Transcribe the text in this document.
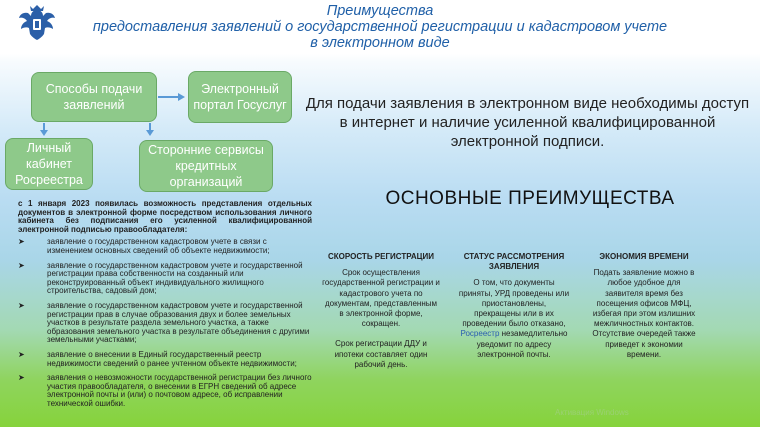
Преимущества
предоставления заявлений о государственной регистрации и кадастровом учете
в электронном виде
Способы подачи заявлений
Электронный портал Госуслуг
Личный кабинет Росреестра
Сторонние сервисы кредитных организаций
Для подачи заявления в электронном виде необходимы доступ в интернет и наличие усиленной квалифицированной электронной подписи.
ОСНОВНЫЕ ПРЕИМУЩЕСТВА
с 1 января 2023 появилась возможность представления отдельных документов в электронной форме посредством использования личного кабинета без подписания его усиленной квалифицированной электронной подписью правообладателя:
➤	заявление о государственном кадастровом учете в связи с изменением основных сведений об объекте недвижимости;
➤	заявление о государственном кадастровом учете и государственной регистрации права собственности на созданный или реконструированный объект индивидуального жилищного строительства, садовый дом;
➤	заявление о государственном кадастровом учете и государственной регистрации прав в случае образования двух и более земельных участков в результате раздела земельного участка, а также образования земельного участка в результате объединения с другими земельными участками;
➤	заявление о внесении в Единый государственный реестр недвижимости сведений о ранее учтенном объекте недвижимости;
➤	заявления о невозможности государственной регистрации без личного участия правообладателя, о внесении в ЕГРН сведений об адресе электронной почты и (или) о почтовом адресе, об исправлении технической ошибки.
СКОРОСТЬ РЕГИСТРАЦИИ

Срок осуществления государственной регистрации и кадастрового учета по документам, представленным в электронной форме, сокращен.

Срок регистрации ДДУ и ипотеки составляет один рабочий день.

СТАТУС РАССМОТРЕНИЯ ЗАЯВЛЕНИЯ

О том, что документы приняты, УРД проведены или приостановлены, прекращены или в их проведении было отказано, Росреестр незамедлительно уведомит по адресу электронной почты.

ЭКОНОМИЯ ВРЕМЕНИ

Подать заявление можно в любое удобное для заявителя время без посещения офисов МФЦ, избегая при этом излишних межличностных контактов. Отсутствие очередей также приведет к экономии времени.

Активация Windows
